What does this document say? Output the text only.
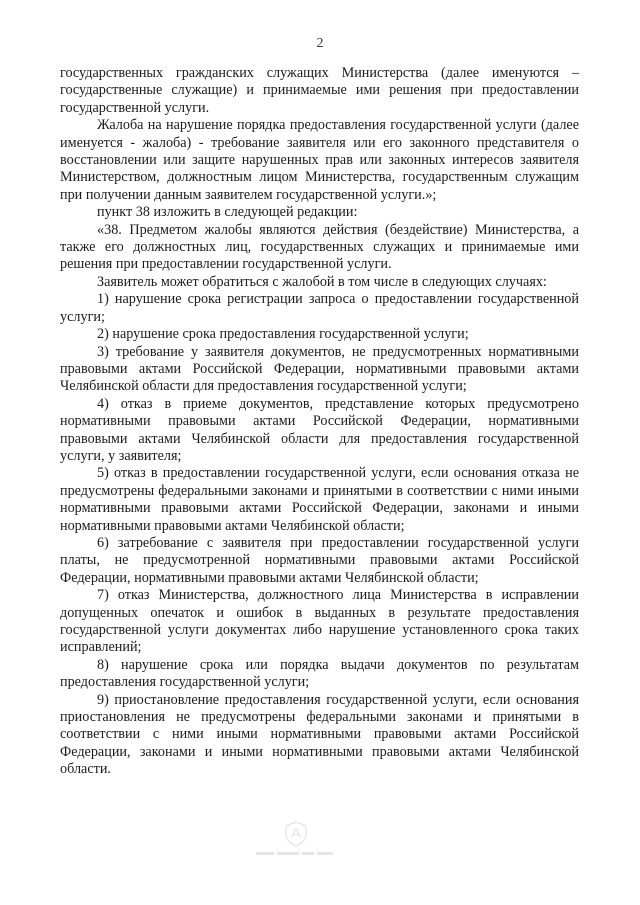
2

государственных гражданских служащих Министерства (далее именуются – государственные служащие) и принимаемые ими решения при предоставлении государственной услуги.

Жалоба на нарушение порядка предоставления государственной услуги (далее именуется - жалоба) - требование заявителя или его законного представителя о восстановлении или защите нарушенных прав или законных интересов заявителя Министерством, должностным лицом Министерства, государственным служащим при получении данным заявителем государственной услуги.»;

пункт 38 изложить в следующей редакции:

«38. Предметом жалобы являются действия (бездействие) Министерства, а также его должностных лиц, государственных служащих и принимаемые ими решения при предоставлении государственной услуги.

Заявитель может обратиться с жалобой в том числе в следующих случаях:

1) нарушение срока регистрации запроса о предоставлении государственной услуги;

2) нарушение срока предоставления государственной услуги;

3) требование у заявителя документов, не предусмотренных нормативными правовыми актами Российской Федерации, нормативными правовыми актами Челябинской области для предоставления государственной услуги;

4) отказ в приеме документов, представление которых предусмотрено нормативными правовыми актами Российской Федерации, нормативными правовыми актами Челябинской области для предоставления государственной услуги, у заявителя;

5) отказ в предоставлении государственной услуги, если основания отказа не предусмотрены федеральными законами и принятыми в соответствии с ними иными нормативными правовыми актами Российской Федерации, законами и иными нормативными правовыми актами Челябинской области;

6) затребование с заявителя при предоставлении государственной услуги платы, не предусмотренной нормативными правовыми актами Российской Федерации, нормативными правовыми актами Челябинской области;

7) отказ Министерства, должностного лица Министерства в исправлении допущенных опечаток и ошибок в выданных в результате предоставления государственной услуги документах либо нарушение установленного срока таких исправлений;

8) нарушение срока или порядка выдачи документов по результатам предоставления государственной услуги;

9) приостановление предоставления государственной услуги, если основания приостановления не предусмотрены федеральными законами и принятыми в соответствии с ними иными нормативными правовыми актами Российской Федерации, законами и иными нормативными правовыми актами Челябинской области.
